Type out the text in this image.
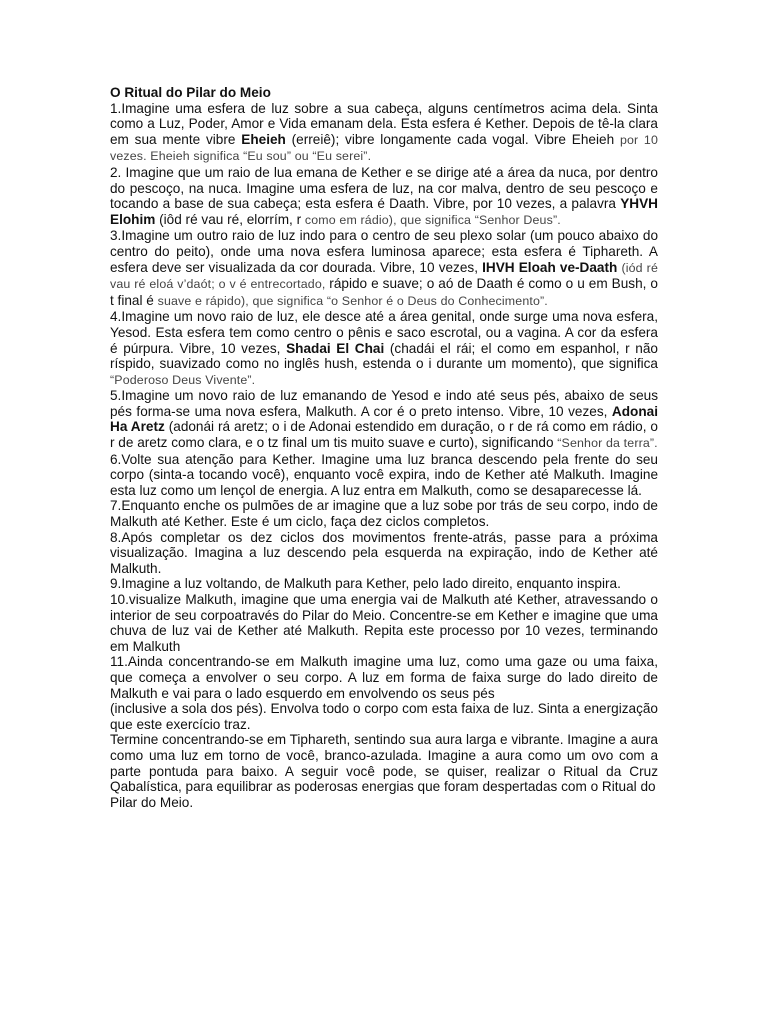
O Ritual do Pilar do Meio

1.Imagine uma esfera de luz sobre a sua cabeça, alguns centímetros acima dela. Sinta como a Luz, Poder, Amor e Vida emanam dela. Esta esfera é Kether. Depois de tê-la clara em sua mente vibre Eheieh (erreiê); vibre longamente cada vogal. Vibre Eheieh por 10 vezes. Eheieh significa “Eu sou” ou “Eu serei”.

2. Imagine que um raio de lua emana de Kether e se dirige até a área da nuca, por dentro do pescoço, na nuca. Imagine uma esfera de luz, na cor malva, dentro de seu pescoço e tocando a base de sua cabeça; esta esfera é Daath. Vibre, por 10 vezes, a palavra YHVH Elohim (iôd ré vau ré, elorrím, r como em rádio), que significa “Senhor Deus”.

3.Imagine um outro raio de luz indo para o centro de seu plexo solar (um pouco abaixo do centro do peito), onde uma nova esfera luminosa aparece; esta esfera é Tiphareth. A esfera deve ser visualizada da cor dourada. Vibre, 10 vezes, IHVH Eloah ve-Daath (iód ré vau ré eloá v’daót; o v é entrecortado, rápido e suave; o aó de Daath é como o u em Bush, o t final é suave e rápido), que significa “o Senhor é o Deus do Conhecimento”.

4.Imagine um novo raio de luz, ele desce até a área genital, onde surge uma nova esfera, Yesod. Esta esfera tem como centro o pênis e saco escrotal, ou a vagina. A cor da esfera é púrpura. Vibre, 10 vezes, Shadai El Chai (chadái el rái; el como em espanhol, r não ríspido, suavizado como no inglês hush, estenda o i durante um momento), que significa “Poderoso Deus Vivente”.

5.Imagine um novo raio de luz emanando de Yesod e indo até seus pés, abaixo de seus pés forma-se uma nova esfera, Malkuth. A cor é o preto intenso. Vibre, 10 vezes, Adonai Ha Aretz (adonái rá aretz; o i de Adonai estendido em duração, o r de rá como em rádio, o r de aretz como clara, e o tz final um tis muito suave e curto), significando “Senhor da terra”.

6.Volte sua atenção para Kether. Imagine uma luz branca descendo pela frente do seu corpo (sinta-a tocando você), enquanto você expira, indo de Kether até Malkuth. Imagine esta luz como um lençol de energia. A luz entra em Malkuth, como se desaparecesse lá.

7.Enquanto enche os pulmões de ar imagine que a luz sobe por trás de seu corpo, indo de Malkuth até Kether. Este é um ciclo, faça dez ciclos completos.

8.Após completar os dez ciclos dos movimentos frente-atrás, passe para a próxima visualização. Imagina a luz descendo pela esquerda na expiração, indo de Kether até Malkuth.

9.Imagine a luz voltando, de Malkuth para Kether, pelo lado direito, enquanto inspira.

10.visualize Malkuth, imagine que uma energia vai de Malkuth até Kether, atravessando o interior de seu corpoatravés do Pilar do Meio. Concentre-se em Kether e imagine que uma chuva de luz vai de Kether até Malkuth. Repita este processo por 10 vezes, terminando em Malkuth

11.Ainda concentrando-se em Malkuth imagine uma luz, como uma gaze ou uma faixa, que começa a envolver o seu corpo. A luz em forma de faixa surge do lado direito de Malkuth e vai para o lado esquerdo em envolvendo os seus pés

(inclusive a sola dos pés). Envolva todo o corpo com esta faixa de luz. Sinta a energização que este exercício traz.

Termine concentrando-se em Tiphareth, sentindo sua aura larga e vibrante. Imagine a aura como uma luz em torno de você, branco-azulada. Imagine a aura como um ovo com a parte pontuda para baixo. A seguir você pode, se quiser, realizar o Ritual da Cruz Qabalística, para equilibrar as poderosas energias que foram despertadas com o Ritual do

Pilar do Meio.
